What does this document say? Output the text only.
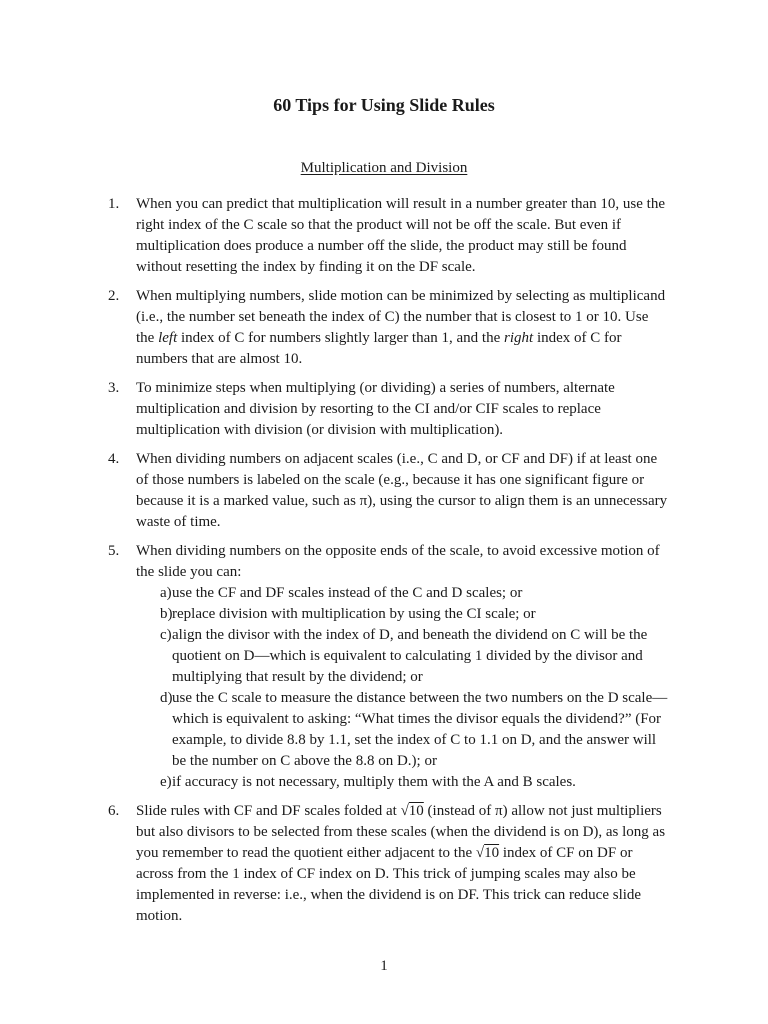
60 Tips for Using Slide Rules
Multiplication and Division
1.	When you can predict that multiplication will result in a number greater than 10, use the right index of the C scale so that the product will not be off the scale. But even if multiplication does produce a number off the slide, the product may still be found without resetting the index by finding it on the DF scale.

2.	When multiplying numbers, slide motion can be minimized by selecting as multiplicand (i.e., the number set beneath the index of C) the number that is closest to 1 or 10. Use the left index of C for numbers slightly larger than 1, and the right index of C for numbers that are almost 10.

3.	To minimize steps when multiplying (or dividing) a series of numbers, alternate multiplication and division by resorting to the CI and/or CIF scales to replace multiplication with division (or division with multiplication).

4.	When dividing numbers on adjacent scales (i.e., C and D, or CF and DF) if at least one of those numbers is labeled on the scale (e.g., because it has one significant figure or because it is a marked value, such as π), using the cursor to align them is an unnecessary waste of time.

5.	When dividing numbers on the opposite ends of the scale, to avoid excessive motion of the slide you can:

a) use the CF and DF scales instead of the C and D scales; or
b) replace division with multiplication by using the CI scale; or
c) align the divisor with the index of D, and beneath the dividend on C will be the quotient on D—which is equivalent to calculating 1 divided by the divisor and multiplying that result by the dividend; or
d) use the C scale to measure the distance between the two numbers on the D scale—which is equivalent to asking: “What times the divisor equals the dividend?” (For example, to divide 8.8 by 1.1, set the index of C to 1.1 on D, and the answer will be the number on C above the 8.8 on D.); or
e) if accuracy is not necessary, multiply them with the A and B scales.
6.	Slide rules with CF and DF scales folded at √10 (instead of π) allow not just multipliers but also divisors to be selected from these scales (when the dividend is on D), as long as you remember to read the quotient either adjacent to the √10 index of CF on DF or across from the 1 index of CF index on D. This trick of jumping scales may also be implemented in reverse: i.e., when the dividend is on DF. This trick can reduce slide motion.

1
